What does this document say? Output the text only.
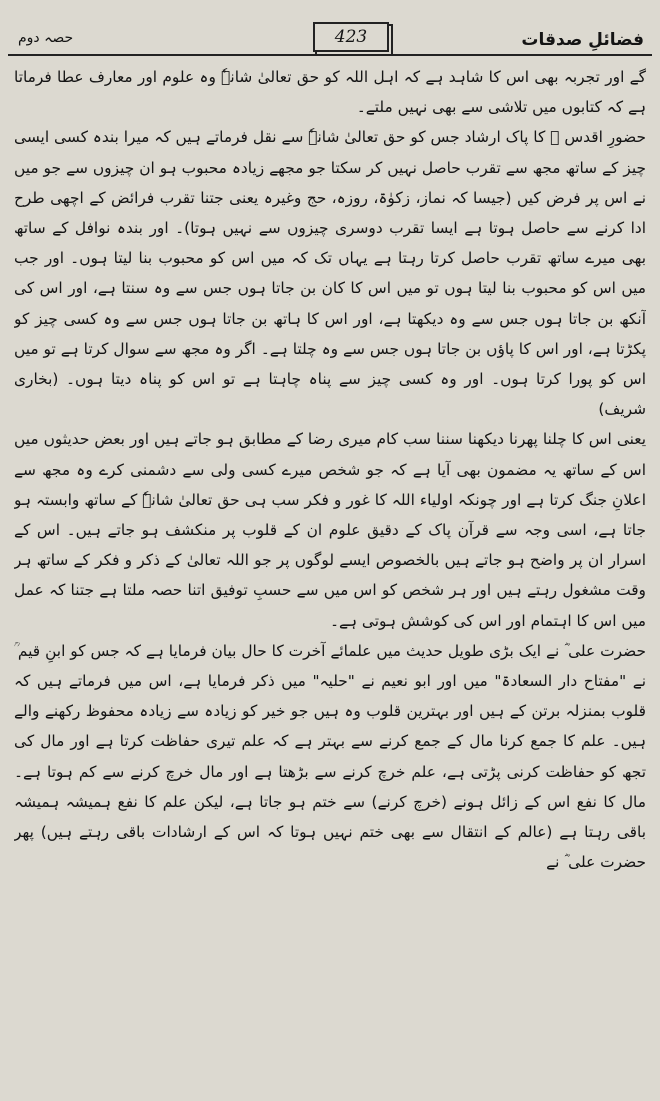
حصہ دوم	423	فضائلِ صدقات

گے اور تجربہ بھی اس کا شاہد ہے کہ اہل اللہ کو حق تعالیٰ شانہٗ وہ علوم اور معارف عطا فرماتا ہے کہ کتابوں میں تلاشی سے بھی نہیں ملتے۔

حضورِ اقدس ﷺ کا پاک ارشاد جس کو حق تعالیٰ شانہٗ سے نقل فرماتے ہیں کہ میرا بندہ کسی ایسی چیز کے ساتھ مجھ سے تقرب حاصل نہیں کر سکتا جو مجھے زیادہ محبوب ہو ان چیزوں سے جو میں نے اس پر فرض کیں (جیسا کہ نماز، زکوٰۃ، روزہ، حج وغیرہ یعنی جتنا تقرب فرائض کے اچھی طرح ادا کرنے سے حاصل ہوتا ہے ایسا تقرب دوسری چیزوں سے نہیں ہوتا)۔ اور بندہ نوافل کے ساتھ بھی میرے ساتھ تقرب حاصل کرتا رہتا ہے یہاں تک کہ میں اس کو محبوب بنا لیتا ہوں۔ اور جب میں اس کو محبوب بنا لیتا ہوں تو میں اس کا کان بن جاتا ہوں جس سے وہ سنتا ہے، اور اس کی آنکھ بن جاتا ہوں جس سے وہ دیکھتا ہے، اور اس کا ہاتھ بن جاتا ہوں جس سے وہ کسی چیز کو پکڑتا ہے، اور اس کا پاؤں بن جاتا ہوں جس سے وہ چلتا ہے۔ اگر وہ مجھ سے سوال کرتا ہے تو میں اس کو پورا کرتا ہوں۔ اور وہ کسی چیز سے پناہ چاہتا ہے تو اس کو پناہ دیتا ہوں۔ (بخاری شریف)

یعنی اس کا چلنا پھرنا دیکھنا سننا سب کام میری رضا کے مطابق ہو جاتے ہیں اور بعض حدیثوں میں اس کے ساتھ یہ مضمون بھی آیا ہے کہ جو شخص میرے کسی ولی سے دشمنی کرے وہ مجھ سے اعلانِ جنگ کرتا ہے اور چونکہ اولیاء اللہ کا غور و فکر سب ہی حق تعالیٰ شانہٗ کے ساتھ وابستہ ہو جاتا ہے، اسی وجہ سے قرآن پاک کے دقیق علوم ان کے قلوب پر منکشف ہو جاتے ہیں۔ اس کے اسرار ان پر واضح ہو جاتے ہیں بالخصوص ایسے لوگوں پر جو اللہ تعالیٰ کے ذکر و فکر کے ساتھ ہر وقت مشغول رہتے ہیں اور ہر شخص کو اس میں سے حسبِ توفیق اتنا حصہ ملتا ہے جتنا کہ عمل میں اس کا اہتمام اور اس کی کوشش ہوتی ہے۔

حضرت علی ؓ نے ایک بڑی طویل حدیث میں علمائے آخرت کا حال بیان فرمایا ہے کہ جس کو ابنِ قیم ؒ نے "مفتاح دار السعادۃ" میں اور ابو نعیم نے "حلیہ" میں ذکر فرمایا ہے، اس میں فرماتے ہیں کہ قلوب بمنزلہ برتن کے ہیں اور بہترین قلوب وہ ہیں جو خیر کو زیادہ سے زیادہ محفوظ رکھنے والے ہیں۔ علم کا جمع کرنا مال کے جمع کرنے سے بہتر ہے کہ علم تیری حفاظت کرتا ہے اور مال کی تجھ کو حفاظت کرنی پڑتی ہے، علم خرچ کرنے سے بڑھتا ہے اور مال خرچ کرنے سے کم ہوتا ہے۔ مال کا نفع اس کے زائل ہونے (خرچ کرنے) سے ختم ہو جاتا ہے، لیکن علم کا نفع ہمیشہ ہمیشہ باقی رہتا ہے (عالم کے انتقال سے بھی ختم نہیں ہوتا کہ اس کے ارشادات باقی رہتے ہیں) پھر حضرت علی ؓ نے
